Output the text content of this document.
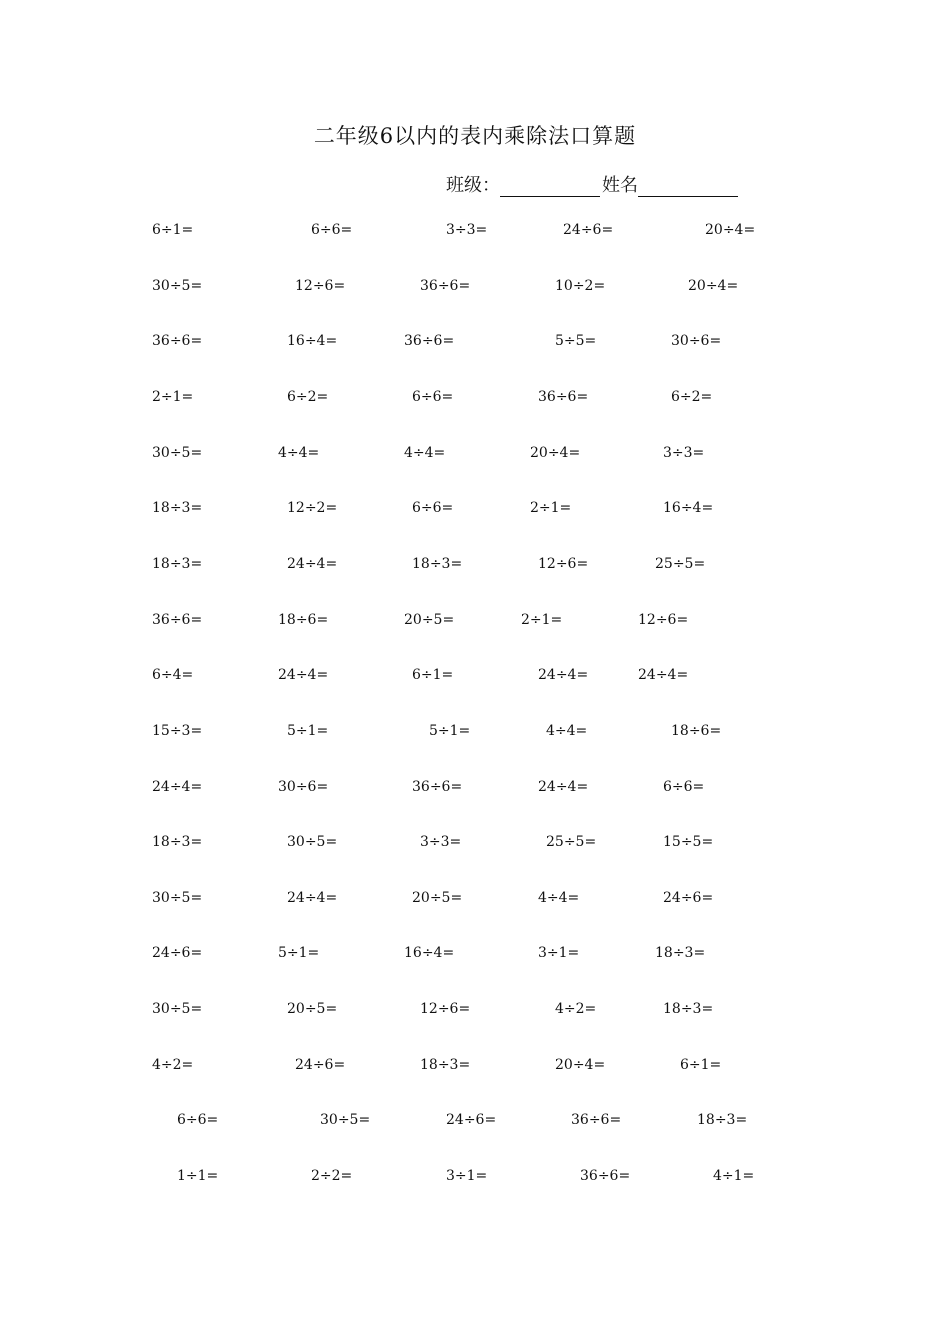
二年级6以内的表内乘除法口算题
班级：	姓名
6÷1=	6÷6=	3÷3=	24÷6=	20÷4=
30÷5=	12÷6=	36÷6=	10÷2=	20÷4=
36÷6=	16÷4=	36÷6=	5÷5=	30÷6=
2÷1=	6÷2=	6÷6=	36÷6=	6÷2=
30÷5=	4÷4=	4÷4=	20÷4=	3÷3=
18÷3=	12÷2=	6÷6=	2÷1=	16÷4=
18÷3=	24÷4=	18÷3=	12÷6=	25÷5=
36÷6=	18÷6=	20÷5=	2÷1=	12÷6=
6÷4=	24÷4=	6÷1=	24÷4=	24÷4=
15÷3=	5÷1=	5÷1=	4÷4=	18÷6=
24÷4=	30÷6=	36÷6=	24÷4=	6÷6=
18÷3=	30÷5=	3÷3=	25÷5=	15÷5=
30÷5=	24÷4=	20÷5=	4÷4=	24÷6=
24÷6=	5÷1=	16÷4=	3÷1=	18÷3=
30÷5=	20÷5=	12÷6=	4÷2=	18÷3=
4÷2=	24÷6=	18÷3=	20÷4=	6÷1=
6÷6=	30÷5=	24÷6=	36÷6=	18÷3=
1÷1=	2÷2=	3÷1=	36÷6=	4÷1=
